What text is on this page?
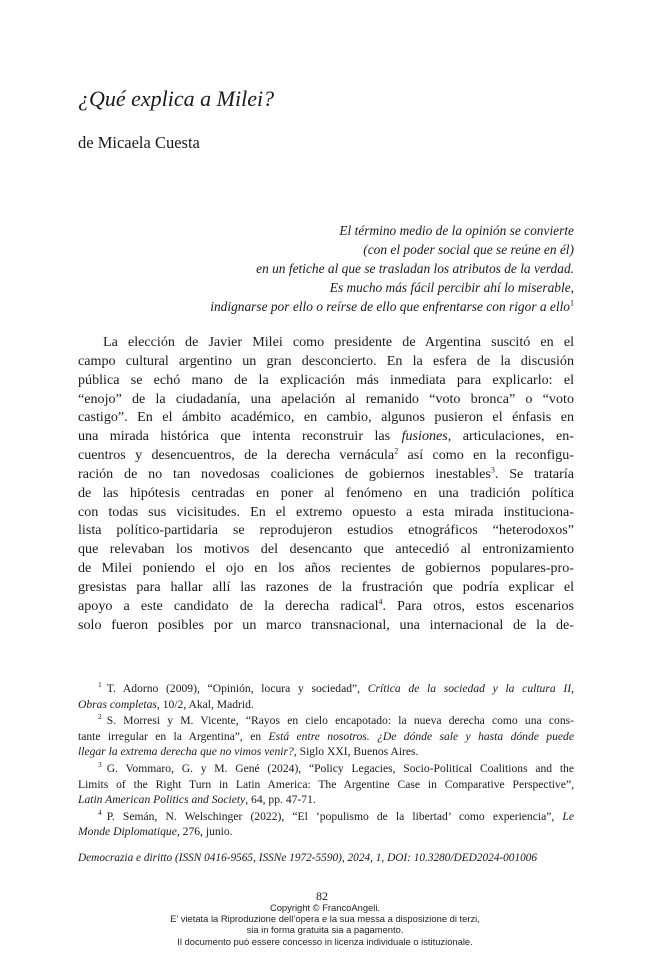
¿Qué explica a Milei?
de Micaela Cuesta
El término medio de la opinión se convierte
(con el poder social que se reúne en él)
en un fetiche al que se trasladan los atributos de la verdad.
Es mucho más fácil percibir ahí lo miserable,
indignarse por ello o reírse de ello que enfrentarse con rigor a ello$^1$
La elección de Javier Milei como presidente de Argentina suscitó en el
campo cultural argentino un gran desconcierto. En la esfera de la discusión
pública se echó mano de la explicación más inmediata para explicarlo: el
“enojo” de la ciudadanía, una apelación al remanido “voto bronca” o “voto
castigo”. En el ámbito académico, en cambio, algunos pusieron el énfasis en
una mirada histórica que intenta reconstruir las fusiones, articulaciones, en-
cuentros y desencuentros, de la derecha vernácula$^2$ así como en la reconfigu-
ración de no tan novedosas coaliciones de gobiernos inestables$^3$. Se trataría
de las hipótesis centradas en poner al fenómeno en una tradición política
con todas sus vicisitudes. En el extremo opuesto a esta mirada instituciona-
lista político-partidaria se reprodujeron estudios etnográficos “heterodoxos”
que relevaban los motivos del desencanto que antecedió al entronizamiento
de Milei poniendo el ojo en los años recientes de gobiernos populares-pro-
gresistas para hallar allí las razones de la frustración que podría explicar el
apoyo a este candidato de la derecha radical$^4$. Para otros, estos escenarios
solo fueron posibles por un marco transnacional, una internacional de la de-
$^1$ T. Adorno (2009), “Opinión, locura y sociedad”, Crítica de la sociedad y la cultura II,
Obras completas, 10/2, Akal, Madrid.
$^2$ S. Morresi y M. Vicente, “Rayos en cielo encapotado: la nueva derecha como una cons-
tante irregular en la Argentina”, en Está entre nosotros. ¿De dónde sale y hasta dónde puede
llegar la extrema derecha que no vimos venir?, Siglo XXI, Buenos Aires.
$^3$ G. Vommaro, G. y M. Gené (2024), “Policy Legacies, Socio-Political Coalitions and the
Limits of the Right Turn in Latin America: The Argentine Case in Comparative Perspective”,
Latin American Politics and Society, 64, pp. 47-71.
$^4$ P. Semán, N. Welschinger (2022), “El ‘populismo de la libertad’ como experiencia”, Le
Monde Diplomatique, 276, junio.
Democrazia e diritto (ISSN 0416-9565, ISSNe 1972-5590), 2024, 1, DOI: 10.3280/DED2024-001006
82
Copyright © FrancoAngeli.
E’ vietata la Riproduzione dell’opera e la sua messa a disposizione di terzi,
sia in forma gratuita sia a pagamento.
Il documento può essere concesso in licenza individuale o istituzionale.
